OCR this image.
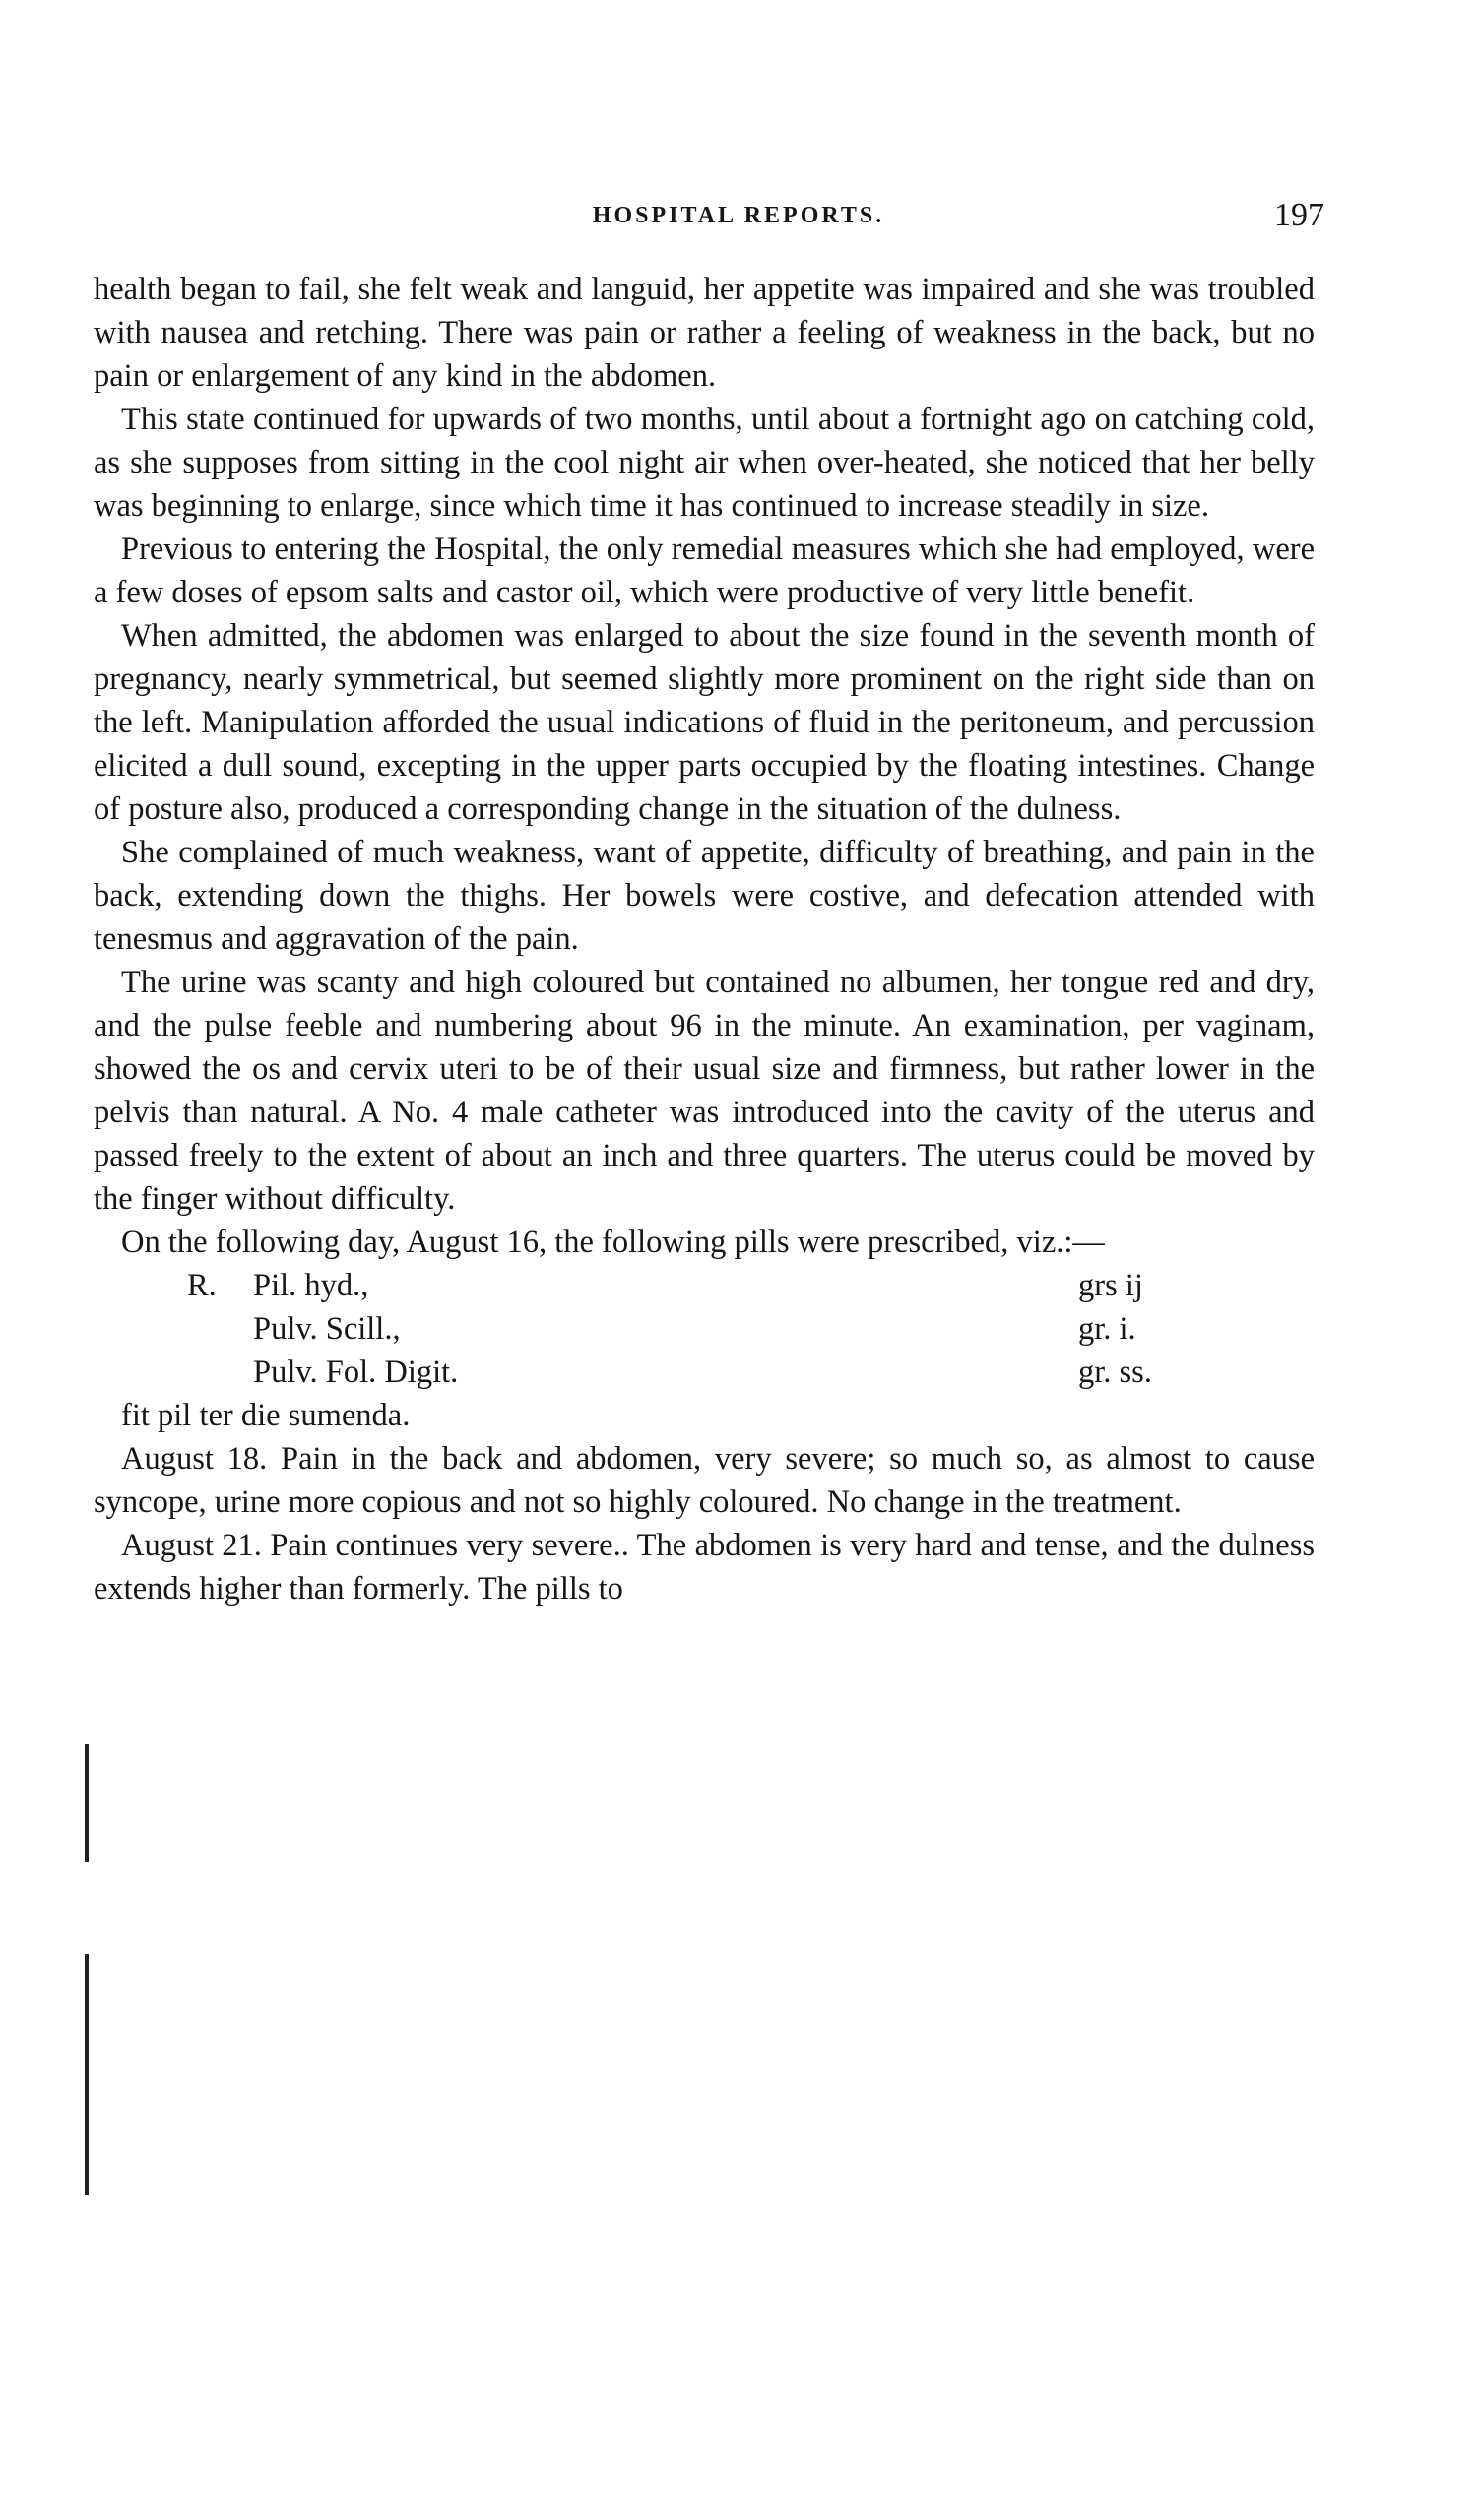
HOSPITAL REPORTS.	197

health began to fail, she felt weak and languid, her appetite was impaired and she was troubled with nausea and retching. There was pain or rather a feeling of weakness in the back, but no pain or enlargement of any kind in the abdomen.

This state continued for upwards of two months, until about a fortnight ago on catching cold, as she supposes from sitting in the cool night air when over-heated, she noticed that her belly was beginning to enlarge, since which time it has continued to increase steadily in size.

Previous to entering the Hospital, the only remedial measures which she had employed, were a few doses of epsom salts and castor oil, which were productive of very little benefit.

When admitted, the abdomen was enlarged to about the size found in the seventh month of pregnancy, nearly symmetrical, but seemed slightly more prominent on the right side than on the left. Manipulation afforded the usual indications of fluid in the peritoneum, and percussion elicited a dull sound, excepting in the upper parts occupied by the floating intestines. Change of posture also, produced a corresponding change in the situation of the dulness.

She complained of much weakness, want of appetite, difficulty of breathing, and pain in the back, extending down the thighs. Her bowels were costive, and defecation attended with tenesmus and aggravation of the pain.

The urine was scanty and high coloured but contained no albumen, her tongue red and dry, and the pulse feeble and numbering about 96 in the minute. An examination, per vaginam, showed the os and cervix uteri to be of their usual size and firmness, but rather lower in the pelvis than natural. A No. 4 male catheter was introduced into the cavity of the uterus and passed freely to the extent of about an inch and three quarters. The uterus could be moved by the finger without difficulty.

On the following day, August 16, the following pills were prescribed, viz.:—

R. Pil. hyd.,	grs ij
Pulv. Scill.,	gr. i.
Pulv. Fol. Digit.	gr. ss.

fit pil ter die sumenda.

August 18. Pain in the back and abdomen, very severe; so much so, as almost to cause syncope, urine more copious and not so highly coloured. No change in the treatment.

August 21. Pain continues very severe.. The abdomen is very hard and tense, and the dulness extends higher than formerly. The pills to
